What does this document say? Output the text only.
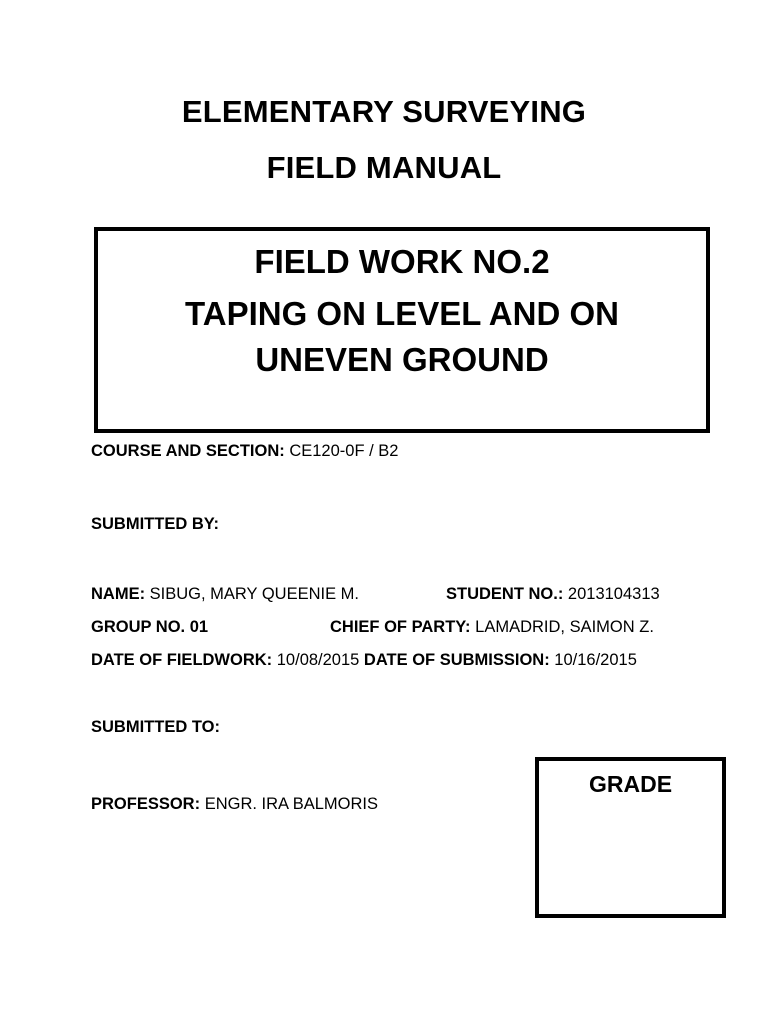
ELEMENTARY SURVEYING
FIELD MANUAL
FIELD WORK NO.2
TAPING ON LEVEL AND ON
UNEVEN GROUND
COURSE AND SECTION: CE120-0F / B2
SUBMITTED BY:
NAME: SIBUG, MARY QUEENIE M.	STUDENT NO.: 2013104313
GROUP NO. 01	CHIEF OF PARTY: LAMADRID, SAIMON Z.
DATE OF FIELDWORK: 10/08/2015 DATE OF SUBMISSION: 10/16/2015
SUBMITTED TO:
PROFESSOR: ENGR. IRA BALMORIS
GRADE
